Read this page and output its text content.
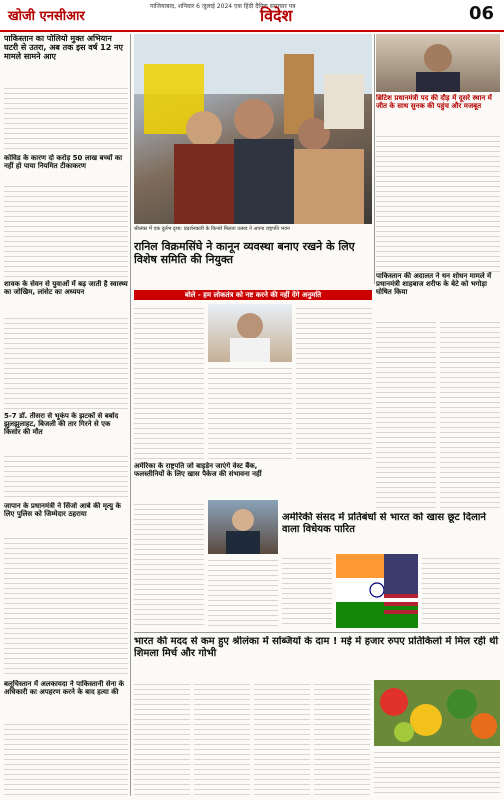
खोजी एनसीआर
गाजियाबाद, शनिवार 6 जुलाई 2024 एक हिंदी दैनिक समाचार पत्र
विदेश	06
पाकिस्तान का पोलियो मुक्त अभियान घटरी से उतरा, अब तक इस वर्ष 12 नए मामले सामने आए
कोविड के कारण दो करोड़ 50 लाख बच्चों का नहीं हो पाया नियमित टीकाकरण
शावक के सेवन से युवाओं में बढ़ जाती है स्वास्थ्य का जोखिम, लांसेट का अध्ययन
5-7 डॉ. तीसरा से भूकंप के झटकों से बर्बाद झुलझुलाहट, बिजली की तार गिरने से एक किसोर की मौत
जापान के प्रधानमंत्री ने सिंजो आबे की मृत्यु के लिए पुलिस को जिम्मेदार ठहराया
बलूचिस्तान में अलकायदा ने पाकिस्तानी सेना के अधिकारी का अपहरण करने के बाद हत्या की
श्रीलंका में एक दुर्लभ दृश्य: प्रदर्शनकारी के किनारे मिलता उत्सव ने अपना राष्ट्रपति भवन
ब्रिटिश प्रधानमंत्री पद की दौड़ में दूसरे स्थान में जीत के साथ सुनक की पहुंच और मजबूत
पाकिस्तान की अदालत ने धन शोधन मामले में प्रधानमंत्री शाहबाज शरीफ के बेटे को भगोड़ा घोषित किया
रानिल विक्रमसिंघे ने कानून व्यवस्था बनाए रखने के लिए विशेष समिति की नियुक्त
बोले - हम लोकतंत्र को नष्ट करने की नहीं देंगे अनुमति
अमेरिका के राष्ट्रपति जो बाइडेन जाएंगे वेस्ट बैंक, फलस्तीनियों के लिए खास पैकेज की संभावना नहीं
अमेरिकी संसद में प्रतिबंधों से भारत को खास छूट दिलाने वाला विधेयक पारित
भारत की मदद से कम हुए श्रीलंका में सब्जियों के दाम ! मई में हजार रुपए प्रतिकिलो में मिल रही थी शिमला मिर्च और गोभी
